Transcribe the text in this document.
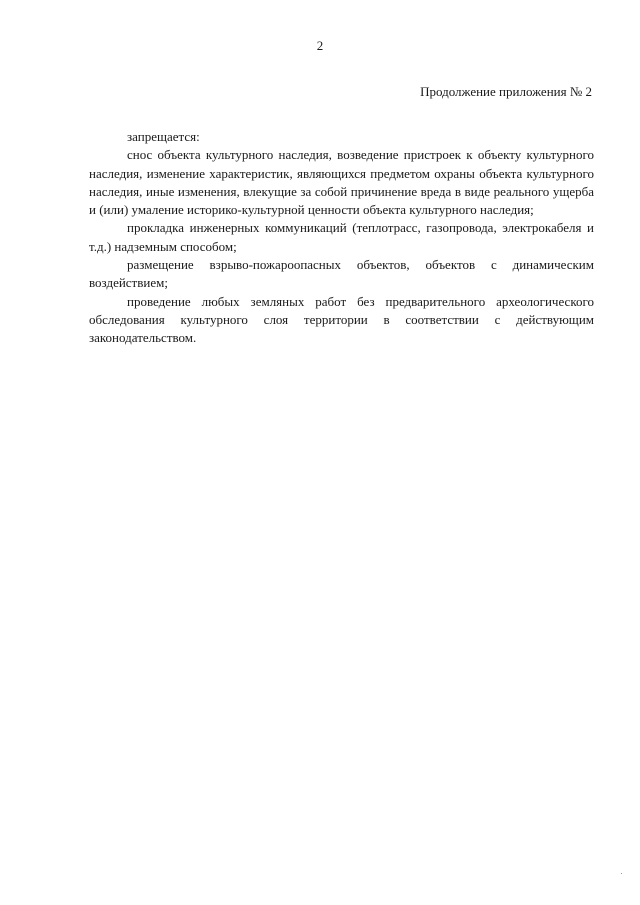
2
Продолжение приложения № 2

запрещается:

снос объекта культурного наследия, возведение пристроек к объекту культурного наследия, изменение характеристик, являющихся предметом охраны объекта культурного наследия, иные изменения, влекущие за собой причинение вреда в виде реального ущерба и (или) умаление историко-культурной ценности объекта культурного наследия;

прокладка инженерных коммуникаций (теплотрасс, газопровода, электрокабеля и т.д.) надземным способом;

размещение взрыво-пожароопасных объектов, объектов с динамическим воздействием;

проведение любых земляных работ без предварительного археологического обследования культурного слоя территории в соответствии с действующим законодательством.
